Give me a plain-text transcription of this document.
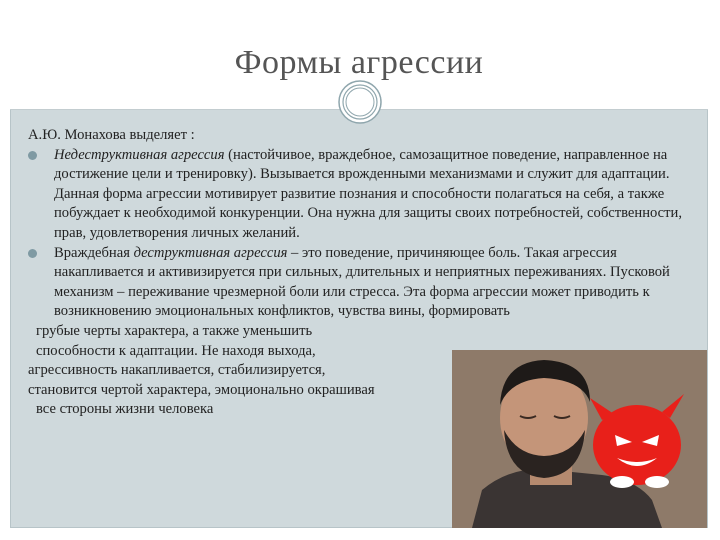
Формы агрессии

А.Ю. Монахова выделяет :

Недеструктивная агрессия (настойчивое, враждебное, самозащитное поведение, направленное на достижение цели и тренировку). Вызывается врожденными механизмами и служит для адаптации. Данная форма агрессии мотивирует развитие познания и способности полагаться на себя, а также побуждает к необходимой конкуренции. Она нужна для защиты своих потребностей, собственности, прав, удовлетворения личных желаний.
Враждебная деструктивная агрессия – это поведение, причиняющее боль. Такая агрессия накапливается и активизируется при сильных, длительных и неприятных переживаниях. Пусковой механизм – переживание чрезмерной боли или стресса. Эта форма агрессии может приводить к возникновению эмоциональных конфликтов, чувства вины, формировать
грубые черты характера, а также уменьшить
способности к адаптации. Не находя выхода,
агрессивность накапливается, стабилизируется,
становится чертой характера, эмоционально окрашивая
все стороны жизни человека
